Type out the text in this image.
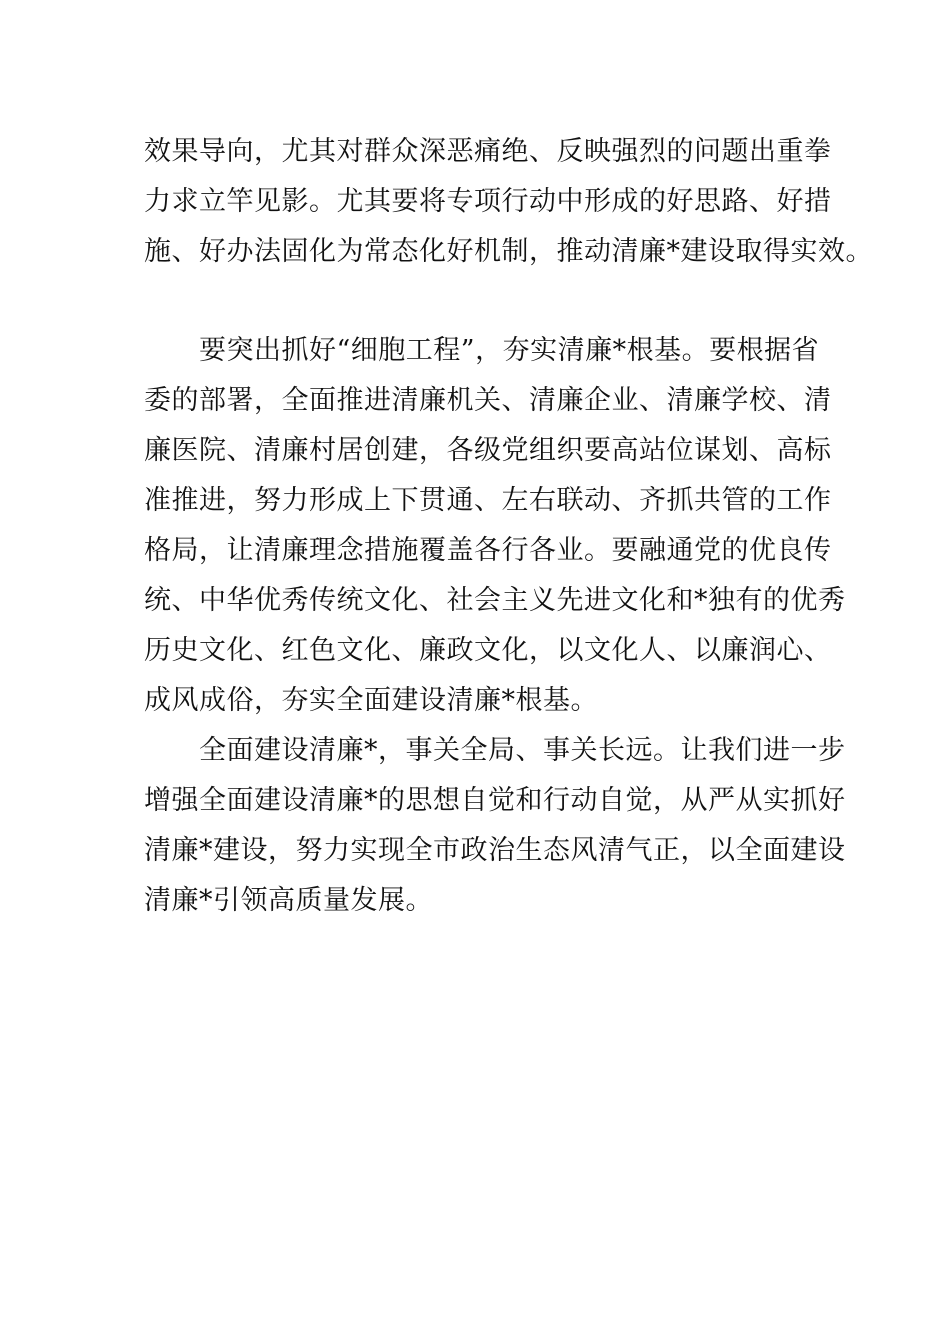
效果导向，尤其对群众深恶痛绝、反映强烈的问题出重拳
力求立竿见影。尤其要将专项行动中形成的好思路、好措
施、好办法固化为常态化好机制，推动清廉*建设取得实效。
　　要突出抓好“细胞工程”，夯实清廉*根基。要根据省
委的部署，全面推进清廉机关、清廉企业、清廉学校、清
廉医院、清廉村居创建，各级党组织要高站位谋划、高标
准推进，努力形成上下贯通、左右联动、齐抓共管的工作
格局，让清廉理念措施覆盖各行各业。要融通党的优良传
统、中华优秀传统文化、社会主义先进文化和*独有的优秀
历史文化、红色文化、廉政文化，以文化人、以廉润心、
成风成俗，夯实全面建设清廉*根基。
　　全面建设清廉*，事关全局、事关长远。让我们进一步
增强全面建设清廉*的思想自觉和行动自觉，从严从实抓好
清廉*建设，努力实现全市政治生态风清气正，以全面建设
清廉*引领高质量发展。
